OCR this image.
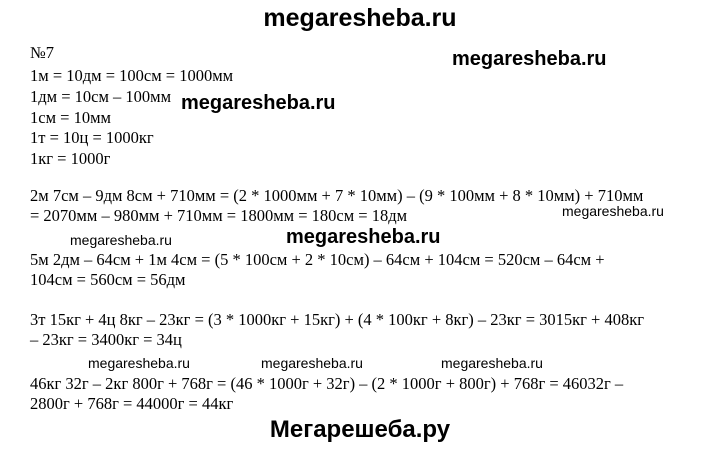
megaresheba.ru
Мегарешеба.ру
№7
1м = 10дм = 100см = 1000мм
1дм = 10см – 100мм
1см = 10мм
1т = 10ц = 1000кг
1кг = 1000г
2м 7см – 9дм 8см + 710мм = (2 * 1000мм + 7 * 10мм) – (9 * 100мм + 8 * 10мм) + 710мм
= 2070мм – 980мм + 710мм = 1800мм = 180см = 18дм
5м 2дм – 64см + 1м 4см = (5 * 100см + 2 * 10см) – 64см + 104см = 520см – 64см +
104см = 560см = 56дм
3т 15кг + 4ц 8кг – 23кг = (3 * 1000кг + 15кг) + (4 * 100кг + 8кг) – 23кг = 3015кг + 408кг
– 23кг = 3400кг = 34ц
46кг 32г – 2кг 800г + 768г = (46 * 1000г + 32г) – (2 * 1000г + 800г) + 768г = 46032г –
2800г + 768г = 44000г = 44кг
megaresheba.ru
megaresheba.ru
megaresheba.ru
megaresheba.ru	megaresheba.ru
megaresheba.ru	megaresheba.ru	megaresheba.ru
